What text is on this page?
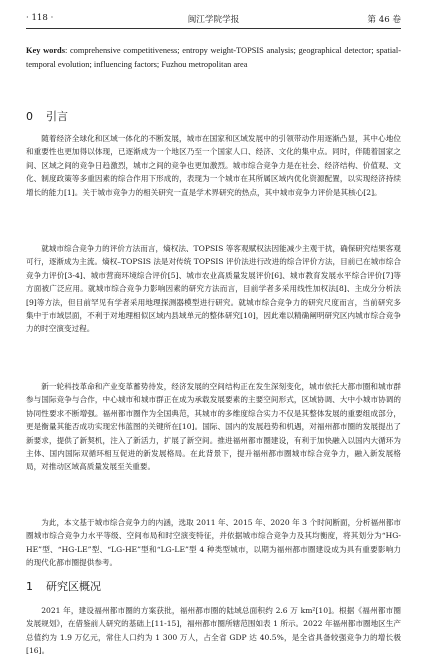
· 118 ·	闽江学院学报	第 46 卷
Key words: comprehensive competitiveness; entropy weight-TOPSIS analysis; geographical detector; spatial-temporal evolution; influencing factors; Fuzhou metropolitan area
0 引言

随着经济全球化和区域一体化的不断发展，城市在国家和区域发展中的引领带动作用逐渐凸显，其中心地位和重要性也更加得以体现，已逐渐成为一个地区乃至一个国家人口、经济、文化的集中点。同时，伴随着国家之间、区域之间的竞争日趋激烈，城市之间的竞争也更加激烈。城市综合竞争力是在社会、经济结构、价值观、文化、制度政策等多重因素的综合作用下形成的，表现为一个城市在其所属区域内优化资源配置，以实现经济持续增长的能力[1]。关于城市竞争力的相关研究一直是学术界研究的热点，其中城市竞争力评价是其核心[2]。

就城市综合竞争力的评价方法而言，熵权法、TOPSIS 等客观赋权法因能减少主观干扰，确保研究结果客观可行，逐渐成为主流。熵权–TOPSIS 法是对传统 TOPSIS 评价法进行改进的综合评价方法，目前已在城市综合竞争力评价[3-4]、城市营商环境综合评价[5]、城市农业高质量发展评价[6]、城市教育发展水平综合评价[7]等方面被广泛应用。就城市综合竞争力影响因素的研究方法而言，目前学者多采用线性加权法[8]、主成分分析法[9]等方法，但目前罕见有学者采用地理探测器模型进行研究。就城市综合竞争力的研究尺度而言，当前研究多集中于市域层面，不利于对地理相似区域内县域单元的整体研究[10]，因此难以精确阐明研究区内城市综合竞争力的时空演变过程。

新一轮科技革命和产业变革蓄势待发，经济发展的空间结构正在发生深刻变化，城市依托大都市圈和城市群参与国际竞争与合作，中心城市和城市群正在成为承载发展要素的主要空间形式，区域协调、大中小城市协调的协同性要求不断增强。福州都市圈作为全国典范，其城市的多维度综合实力不仅是其整体发展的重要组成部分，更是衡量其能否成功实现宏伟蓝图的关键所在[10]。国际、国内的发展趋势和机遇，对福州都市圈的发展提出了新要求，提供了新契机，注入了新活力，扩展了新空间。推进福州都市圈建设，有利于加快融入以国内大循环为主体、国内国际双循环相互促进的新发展格局。在此背景下，提升福州都市圈城市综合竞争力，融入新发展格局，对推动区域高质量发展至关重要。

为此，本文基于城市综合竞争力的内涵，选取 2011 年、2015 年、2020 年 3 个时间断面，分析福州都市圈城市综合竞争力水平等级、空间布局和时空演变特征，并依据城市综合竞争力及其均衡度，将其划分为“HG-HE”型、“HG-LE”型、“LG-HE”型和“LG-LE”型 4 种类型城市，以期为福州都市圈建设成为具有重要影响力的现代化都市圈提供参考。

1 研究区概况

2021 年，建设福州都市圈的方案获批，福州都市圈的陆域总面积约 2.6 万 km²[10]。根据《福州都市圈发展规划》，在借鉴前人研究的基础上[11-15]，福州都市圈所辖范围如表 1 所示。2022 年福州都市圈地区生产总值约为 1.9 万亿元，常住人口约为 1 300 万人，占全省 GDP 达 40.5%，是全省具备较强竞争力的增长极[16]。
